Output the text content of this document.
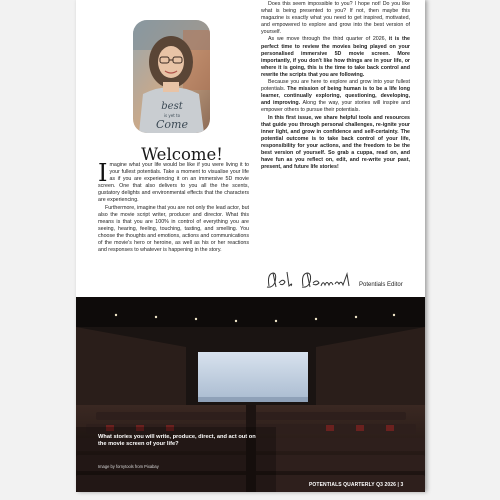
best
is yet to
Come
Welcome!

Imagine what your life would be like if you were living it to your fullest potentials. Take a moment to visualise your life as if you are experiencing it on an immersive 5D movie screen. One that also delivers to you all the the scents, gustatory delights and environmental effects that the characters are experiencing.

Furthermore, imagine that you are not only the lead actor, but also the movie script writer, producer and director. What this means is that you are 100% in control of everything you are seeing, hearing, feeling, touching, tasting, and smelling. You choose the thoughts and emotions, actions and communications of the movie's hero or heroine, as well as his or her reactions and responses to whatever is happening in the story.

Does this seem impossible to you? I hope not! Do you like what is being presented to you? If not, then maybe this magazine is exactly what you need to get inspired, motivated, and empowered to explore and grow into the best version of yourself.

As we move through the third quarter of 2026, it is the perfect time to review the movies being played on your personalised immersive 5D movie screen. More importantly, if you don't like how things are in your life, or where it is going, this is the time to take back control and rewrite the scripts that you are following.

Because you are here to explore and grow into your fullest potentials. The mission of being human is to be a life long learner, continually exploring, questioning, developing, and improving. Along the way, your stories will inspire and empower others to pursue their potentials.

In this first issue, we share helpful tools and resources that guide you through personal challenges, re-ignite your inner light, and grow in confidence and self-certainty. The potential outcome is to take back control of your life, responsibility for your actions, and the freedom to be the best version of yourself. So grab a cuppa, read on, and have fun as you reflect on, edit, and re-write your past, present, and future life stories!

Potentials Editor

What stories you will write, produce, direct, and act out on the movie screen of your life?

Image by fornytools from Pixabay

POTENTIALS QUARTERLY Q3 2026 | 3
